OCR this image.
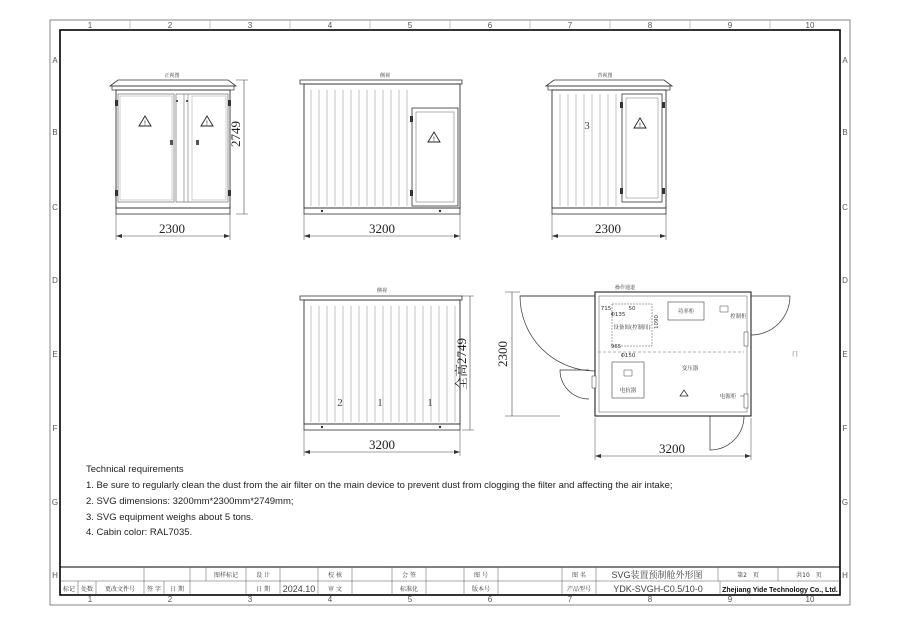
1	2	3	4	5	6	7	8	9	10
1	2	3	4	5	6	7	8	9	10
A
B
C
D
E
F
G
H
A
B
C
D
E
F
G
H
正视图
!	!
2300
2749
侧视
!
3200
背视图
!
3
2300
侧视
2	1	1
3200
全高2749
操作通道
功率柜
控制柜
设备间(控制间)
715
Φ135
50
1090
965
Φ150
电抗器
变压器
电源柜
门
3200
2300
Technical requirements
1. Be sure to regularly clean the dust from the air filter on the main device to prevent dust from clogging the filter and affecting the air intake;
2. SVG dimensions: 3200mm*2300mm*2749mm;
3. SVG equipment weighs about 5 tons.
4. Cabin color: RAL7035.
图样标记	设 计	校 核	会 签	图 号	图 名	SVG装置预制舱外形图	第2　页	共10　页
标记 处数 更改文件号 签 字 日 期	日 期 2024.10 审 文	标准化	版本号	产品型号 YDK-SVGH-C0.5/10-0	Zhejiang Yide Technology Co., Ltd.
